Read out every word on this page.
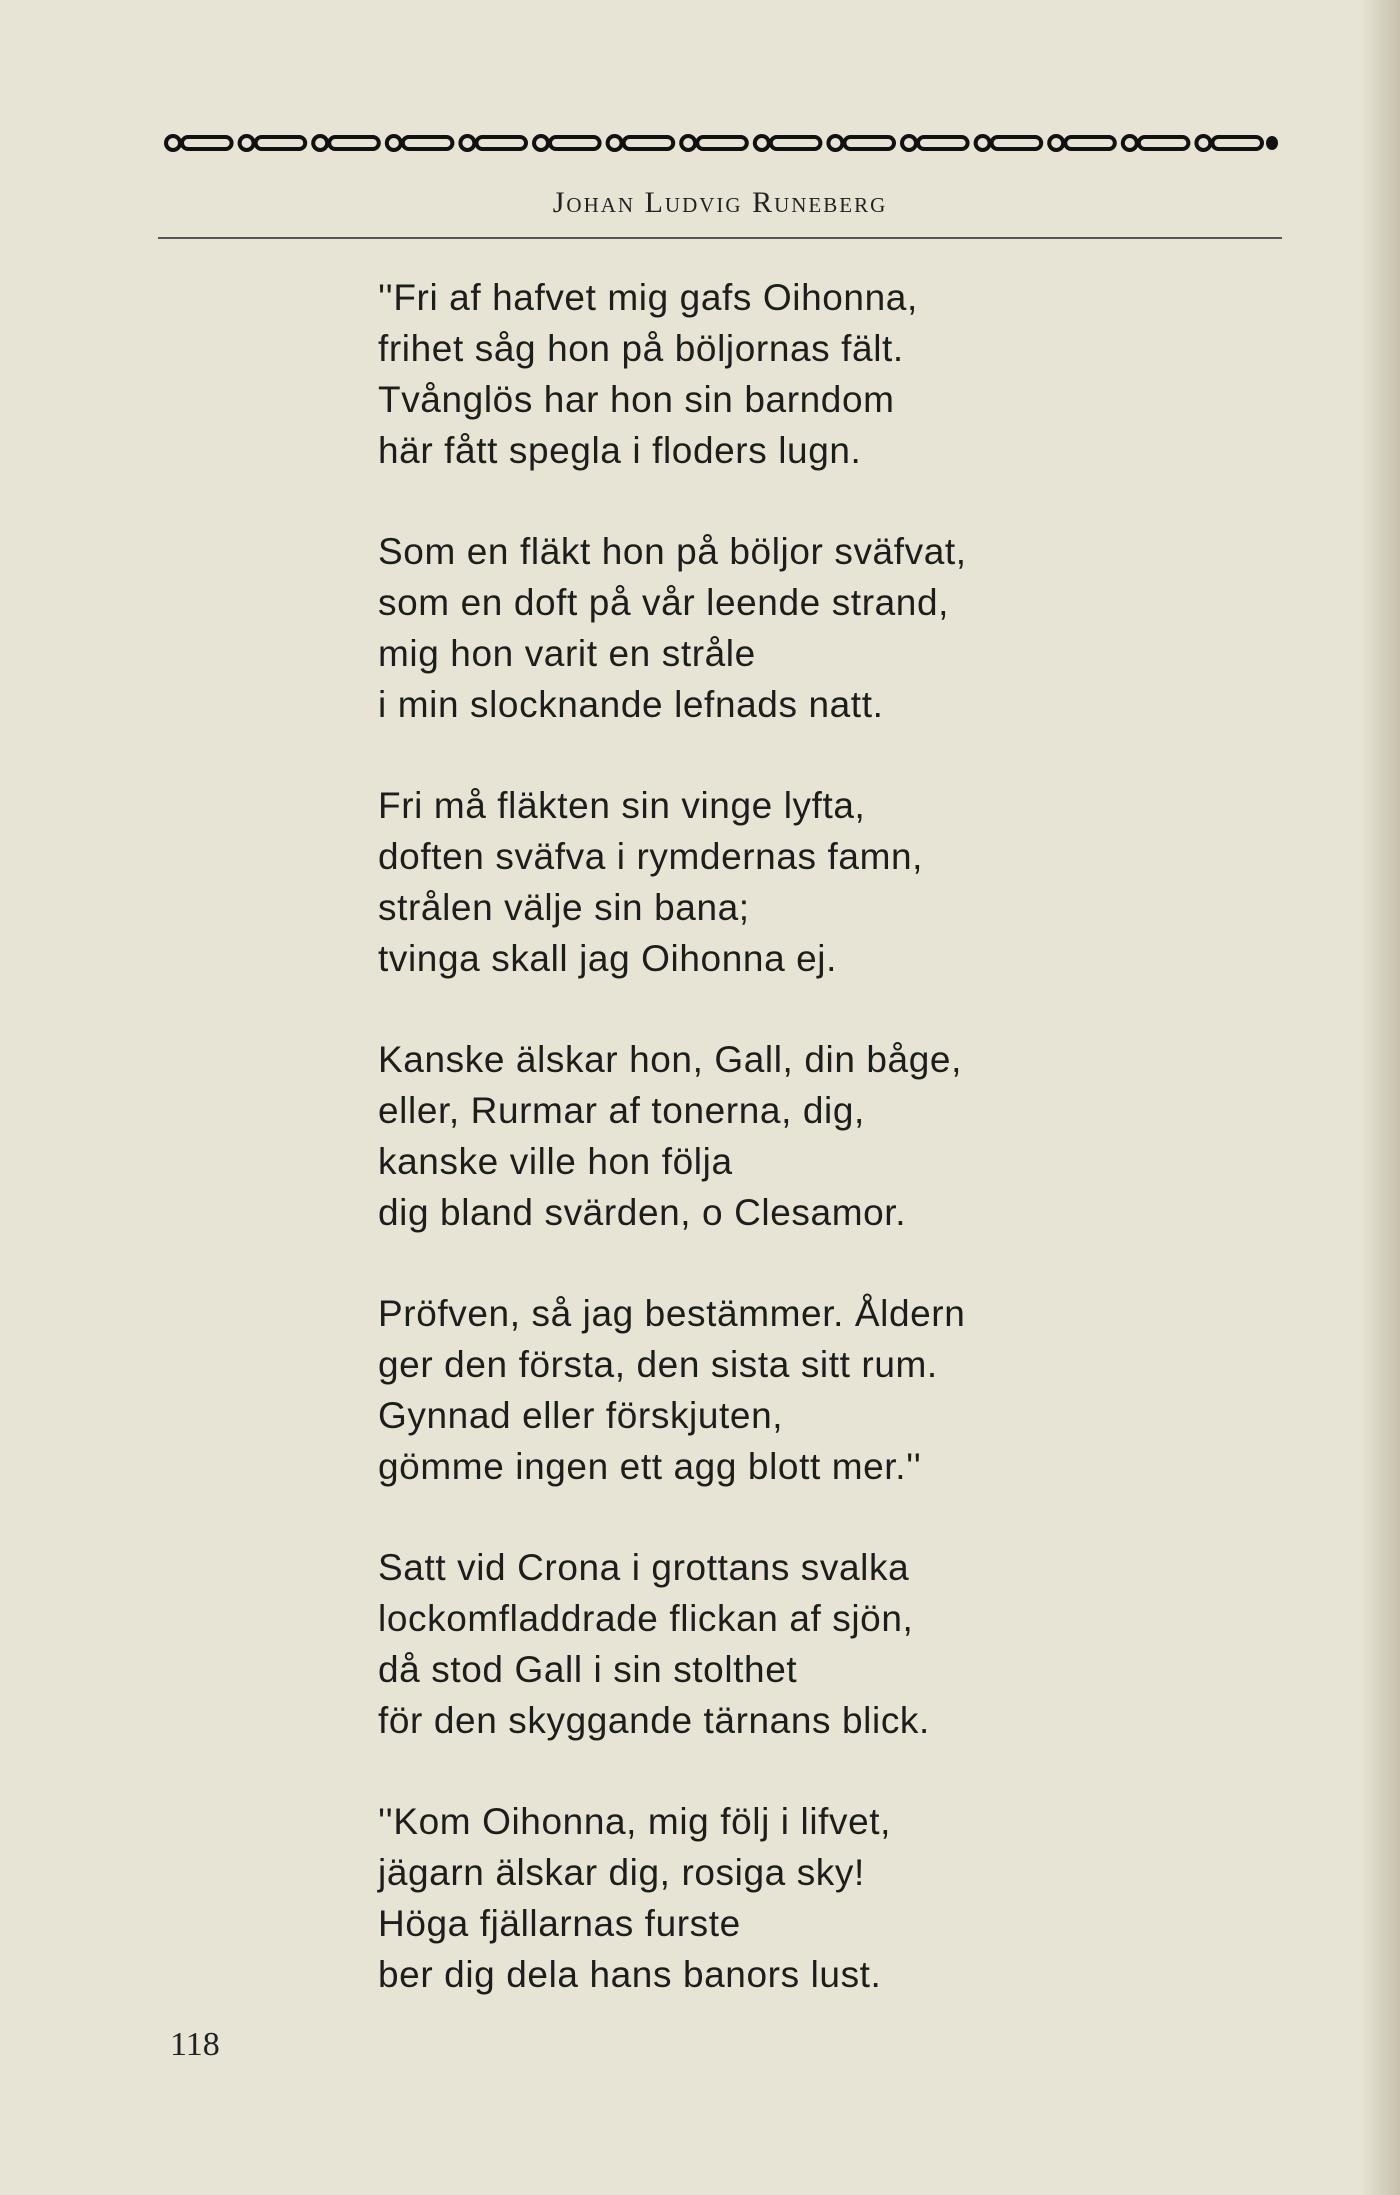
Johan Ludvig Runeberg
''Fri af hafvet mig gafs Oihonna,
frihet såg hon på böljornas fält.
Tvånglös har hon sin barndom
här fått spegla i floders lugn.
Som en fläkt hon på böljor sväfvat,
som en doft på vår leende strand,
mig hon varit en stråle
i min slocknande lefnads natt.
Fri må fläkten sin vinge lyfta,
doften sväfva i rymdernas famn,
strålen välje sin bana;
tvinga skall jag Oihonna ej.
Kanske älskar hon, Gall, din båge,
eller, Rurmar af tonerna, dig,
kanske ville hon följa
dig bland svärden, o Clesamor.
Pröfven, så jag bestämmer. Åldern
ger den första, den sista sitt rum.
Gynnad eller förskjuten,
gömme ingen ett agg blott mer.''
Satt vid Crona i grottans svalka
lockomfladdrade flickan af sjön,
då stod Gall i sin stolthet
för den skyggande tärnans blick.
''Kom Oihonna, mig följ i lifvet,
jägarn älskar dig, rosiga sky!
Höga fjällarnas furste
ber dig dela hans banors lust.
118
